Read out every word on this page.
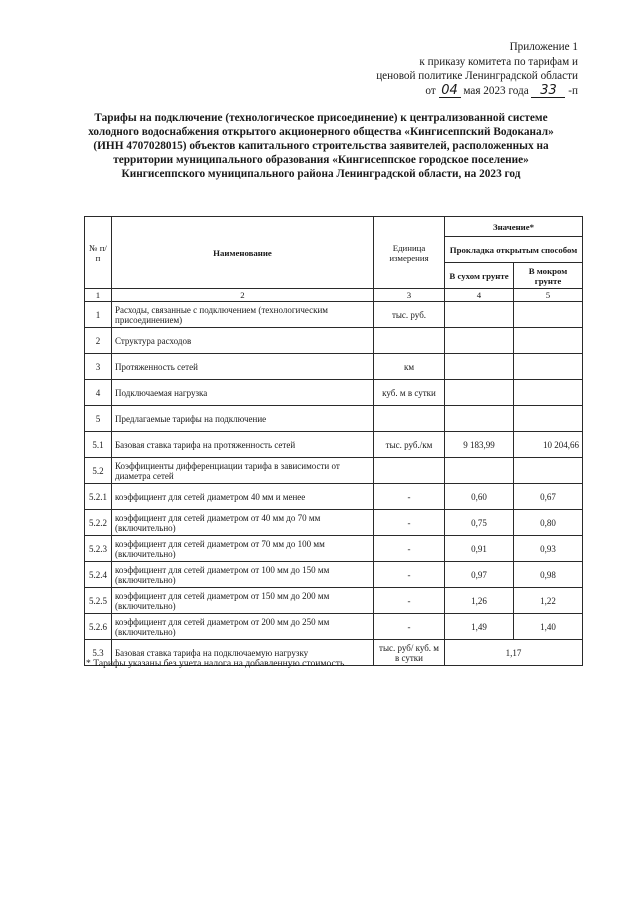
Приложение 1
к приказу комитета по тарифам и
ценовой политике Ленинградской области
от 04 мая 2023 года 33 -п
Тарифы на подключение (технологическое присоединение) к централизованной системе холодного водоснабжения открытого акционерного общества «Кингисеппский Водоканал» (ИНН 4707028015) объектов капитального строительства заявителей, расположенных на территории муниципального образования «Кингисеппское городское поселение» Кингисеппского муниципального района Ленинградской области, на 2023 год
№ п/п	Наименование	Единица измерения	Значение*	
			Прокладка открытым способом	
			В сухом грунте	В мокром грунте
1	2	3	4	5
1	Расходы, связанные с подключением (технологическим присоединением)	тыс. руб.		
2	Структура расходов			
3	Протяженность сетей	км		
4	Подключаемая нагрузка	куб. м в сутки		
5	Предлагаемые тарифы на подключение			
5.1	Базовая ставка тарифа на протяженность сетей	тыс. руб./км	9 183,99	10 204,66
5.2	Коэффициенты дифференциации тарифа в зависимости от диаметра сетей			
5.2.1	коэффициент для сетей диаметром 40 мм и менее	-	0,60	0,67
5.2.2	коэффициент для сетей диаметром от 40 мм до 70 мм (включительно)	-	0,75	0,80
5.2.3	коэффициент для сетей диаметром от 70 мм до 100 мм (включительно)	-	0,91	0,93
5.2.4	коэффициент для сетей диаметром от 100 мм до 150 мм (включительно)	-	0,97	0,98
5.2.5	коэффициент для сетей диаметром от 150 мм до 200 мм (включительно)	-	1,26	1,22
5.2.6	коэффициент для сетей диаметром от 200 мм до 250 мм (включительно)	-	1,49	1,40
5.3	Базовая ставка тарифа на подключаемую нагрузку	тыс. руб/ куб. м в сутки	1,17	
* Тарифы указаны без учета налога на добавленную стоимость
